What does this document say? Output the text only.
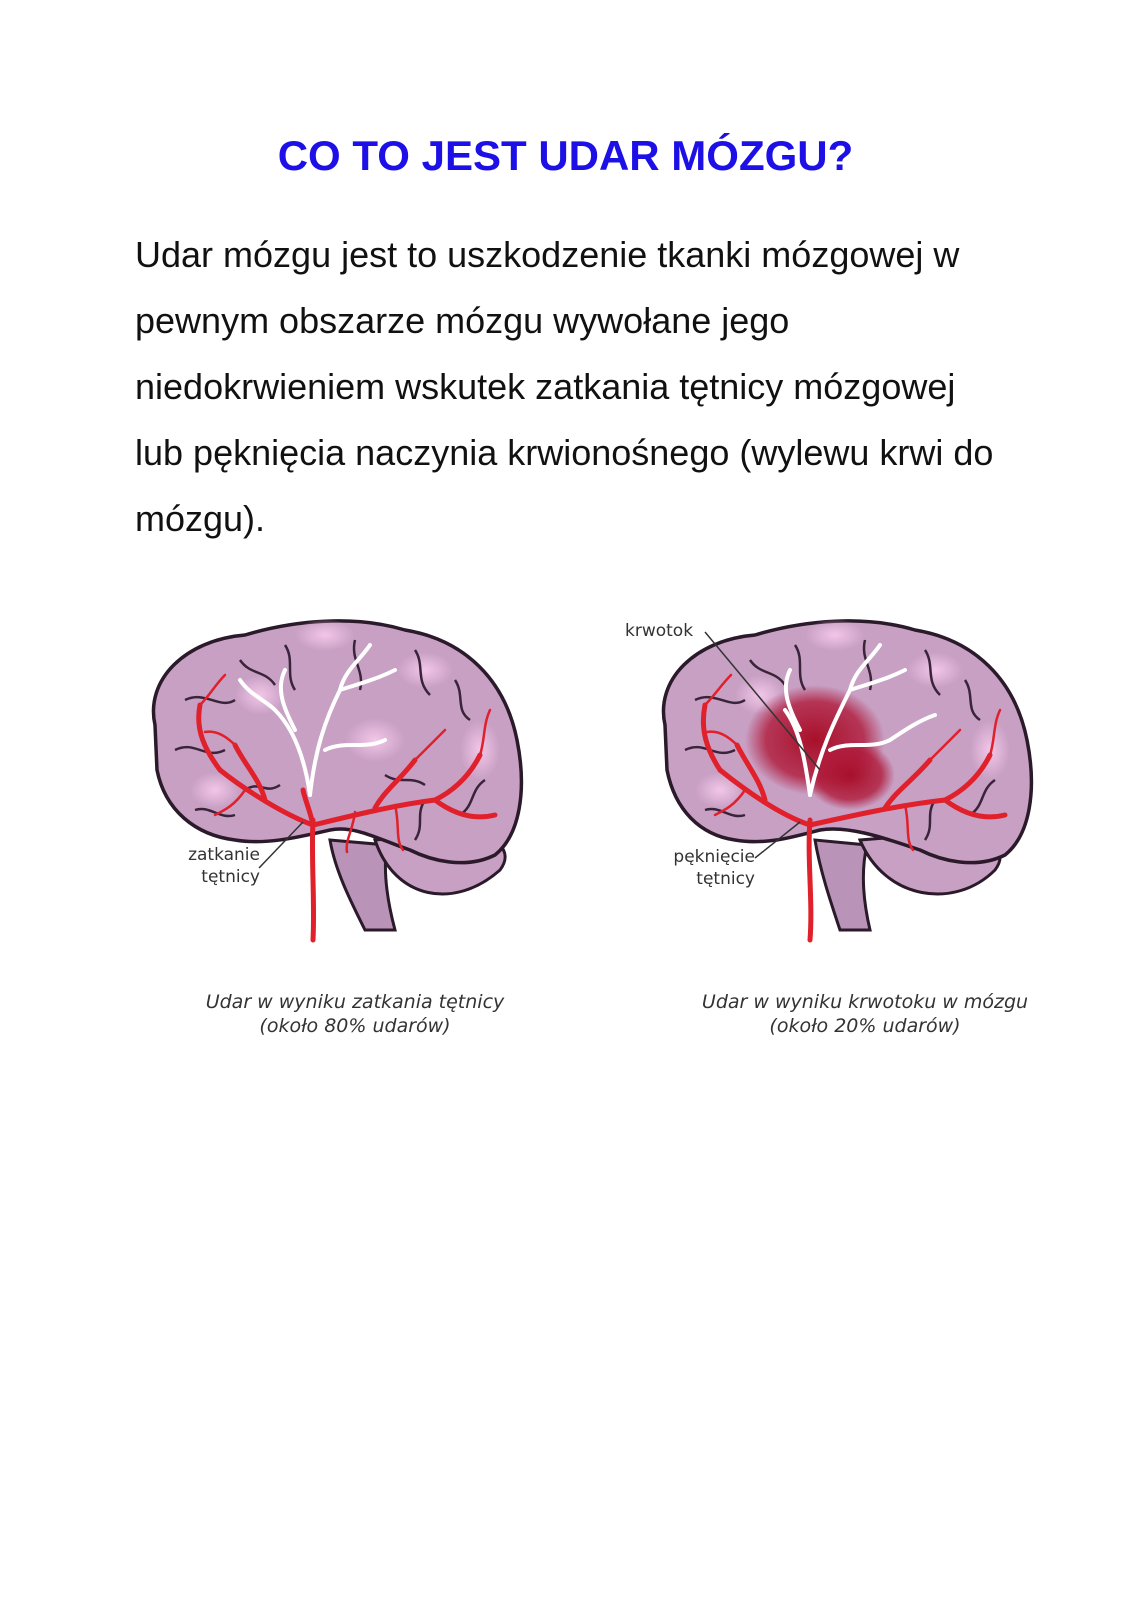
CO TO JEST UDAR MÓZGU?

Udar mózgu jest to uszkodzenie tkanki mózgowej w
pewnym obszarze mózgu wywołane jego
niedokrwieniem wskutek zatkania tętnicy mózgowej
lub pęknięcia naczynia krwionośnego (wylewu krwi do
mózgu).

zatkanie
tętnicy
Udar w wyniku zatkania tętnicy
(około 80% udarów)
krwotok
pęknięcie
tętnicy
Udar w wyniku krwotoku w mózgu
(około 20% udarów)
